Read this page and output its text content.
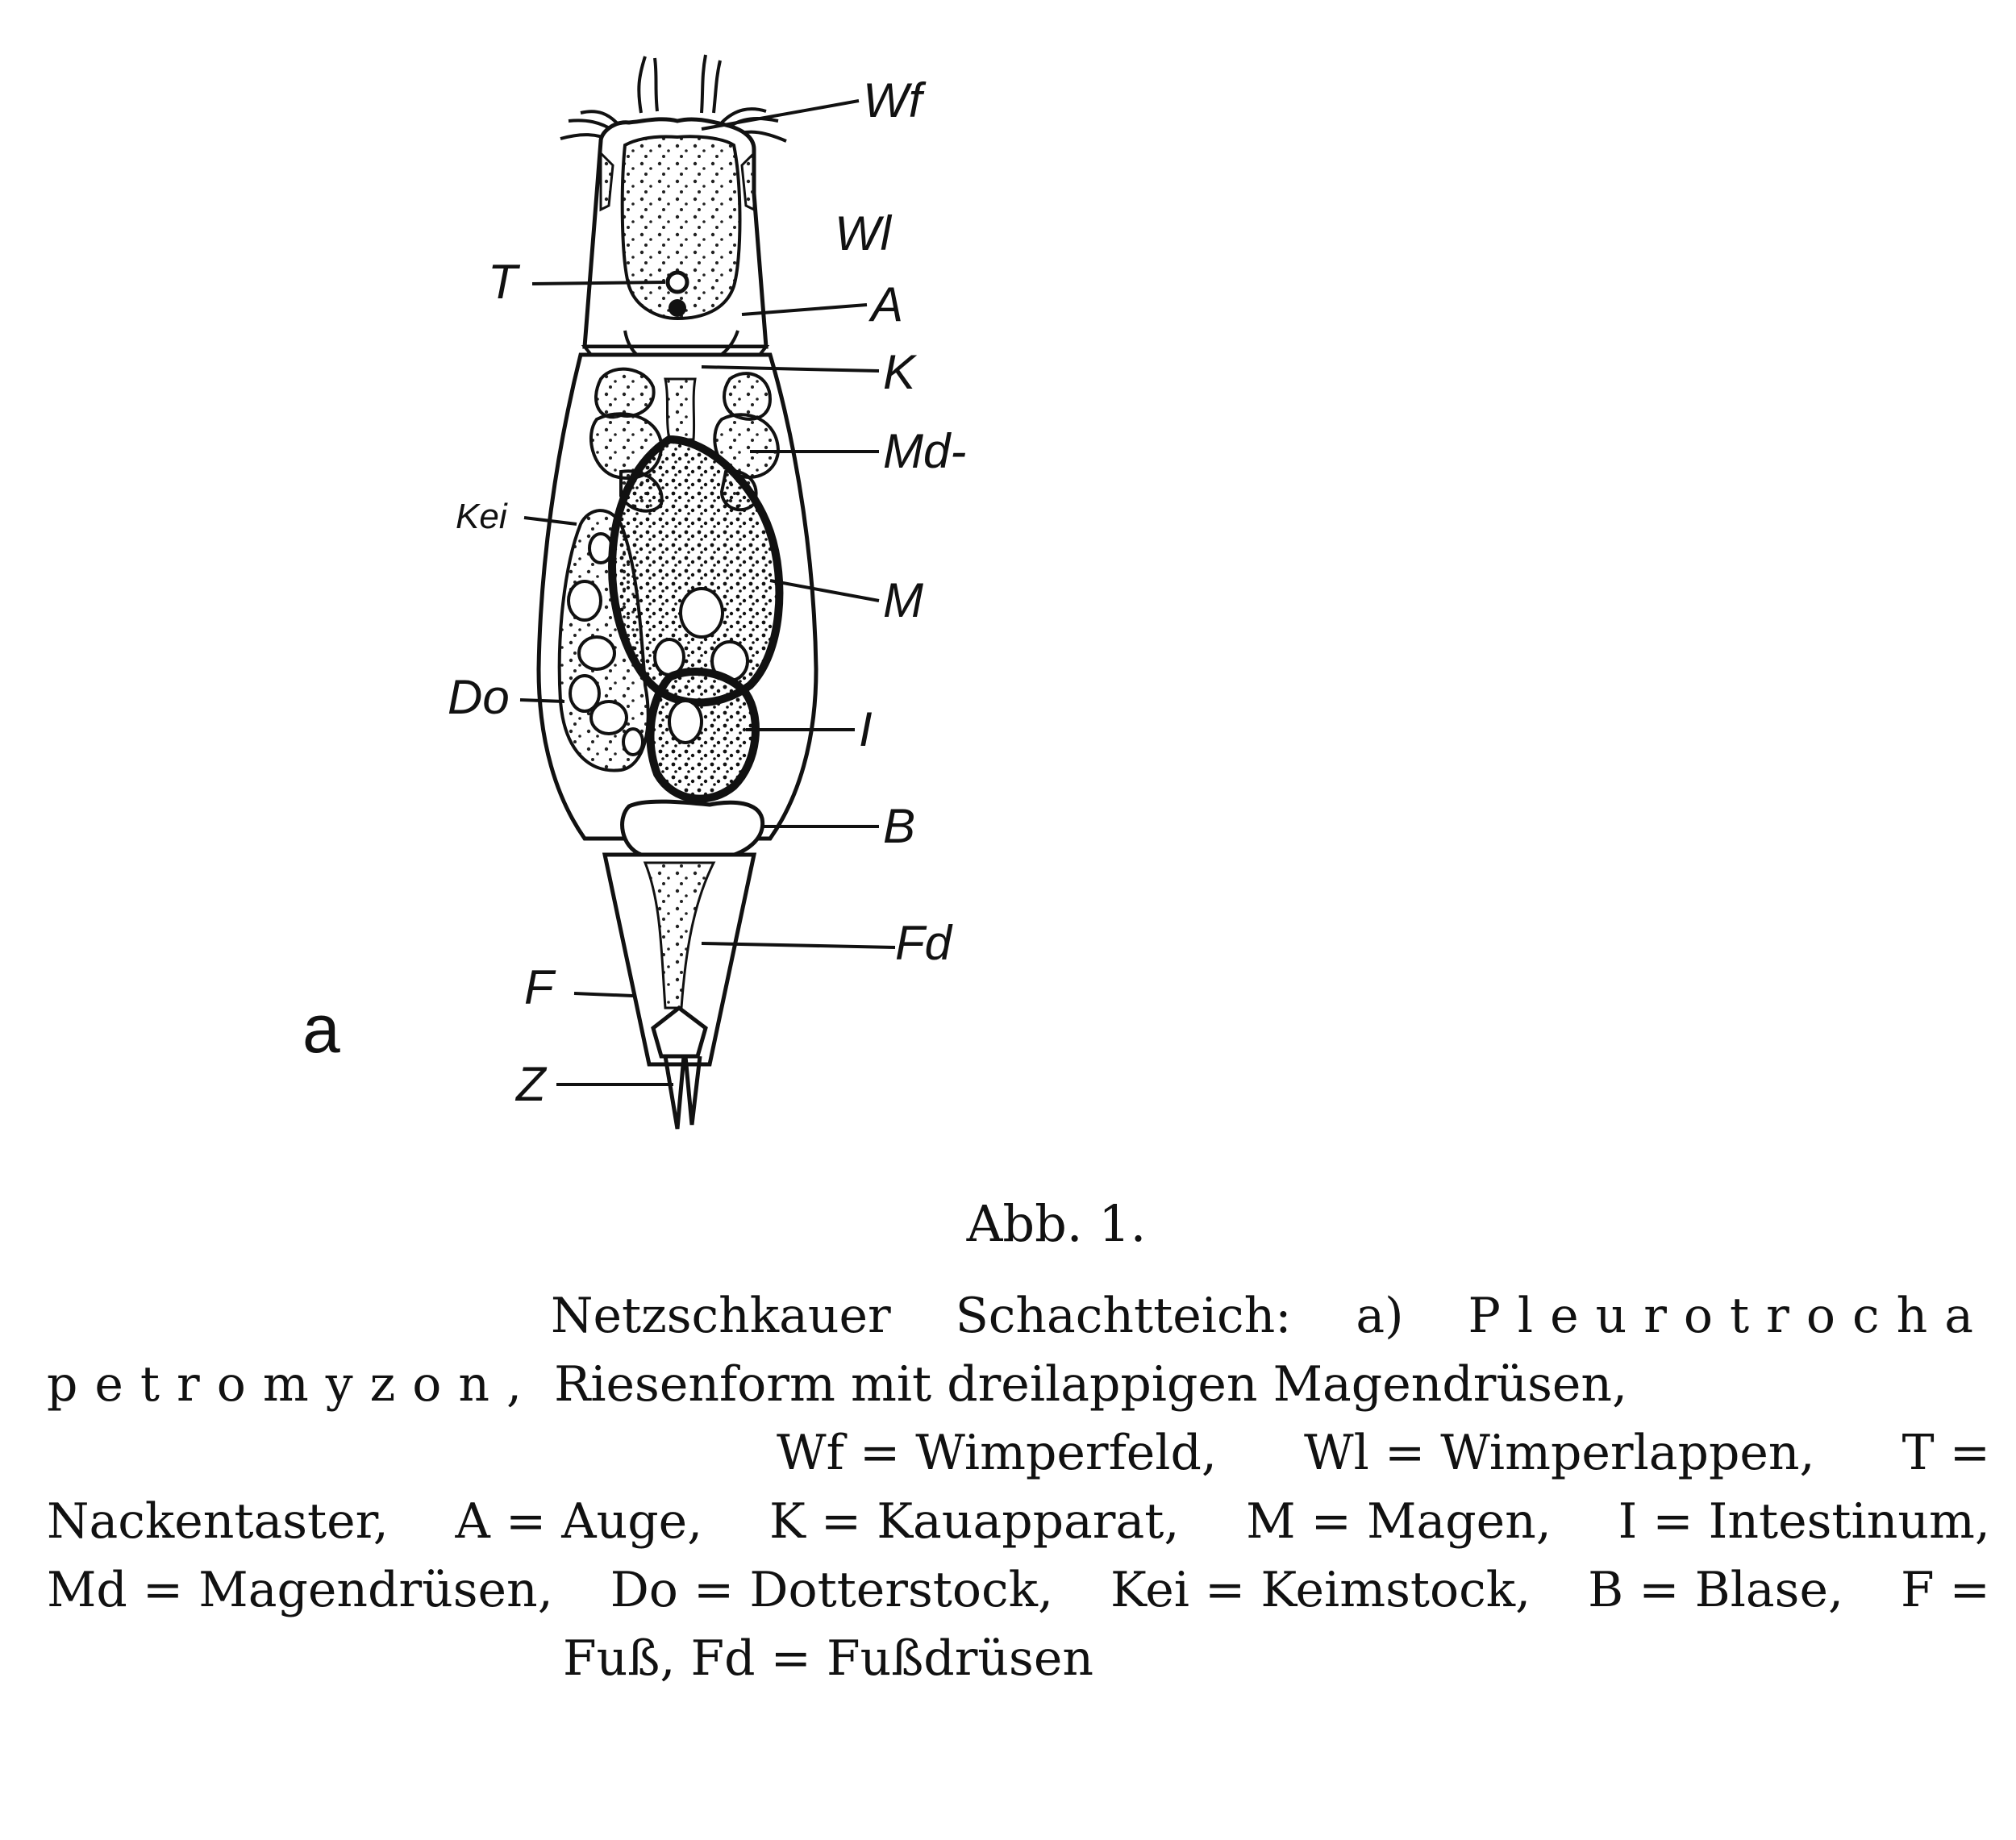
Wf
Wl
T	A
K
Md-
Kei
M
Do
I
B
Fd
F
Z
a
Abb. 1.
Netzschkauer Schachtteich: a) Pleurotrocha
petromyzon, Riesenform mit dreilappigen Magendrüsen,
Wf = Wimperfeld, Wl = Wimperlappen, T =
Nackentaster, A = Auge, K = Kauapparat, M = Magen, I = Intestinum,
Md = Magendrüsen, Do = Dotterstock, Kei = Keimstock, B = Blase, F =
Fuß, Fd = Fußdrüsen
